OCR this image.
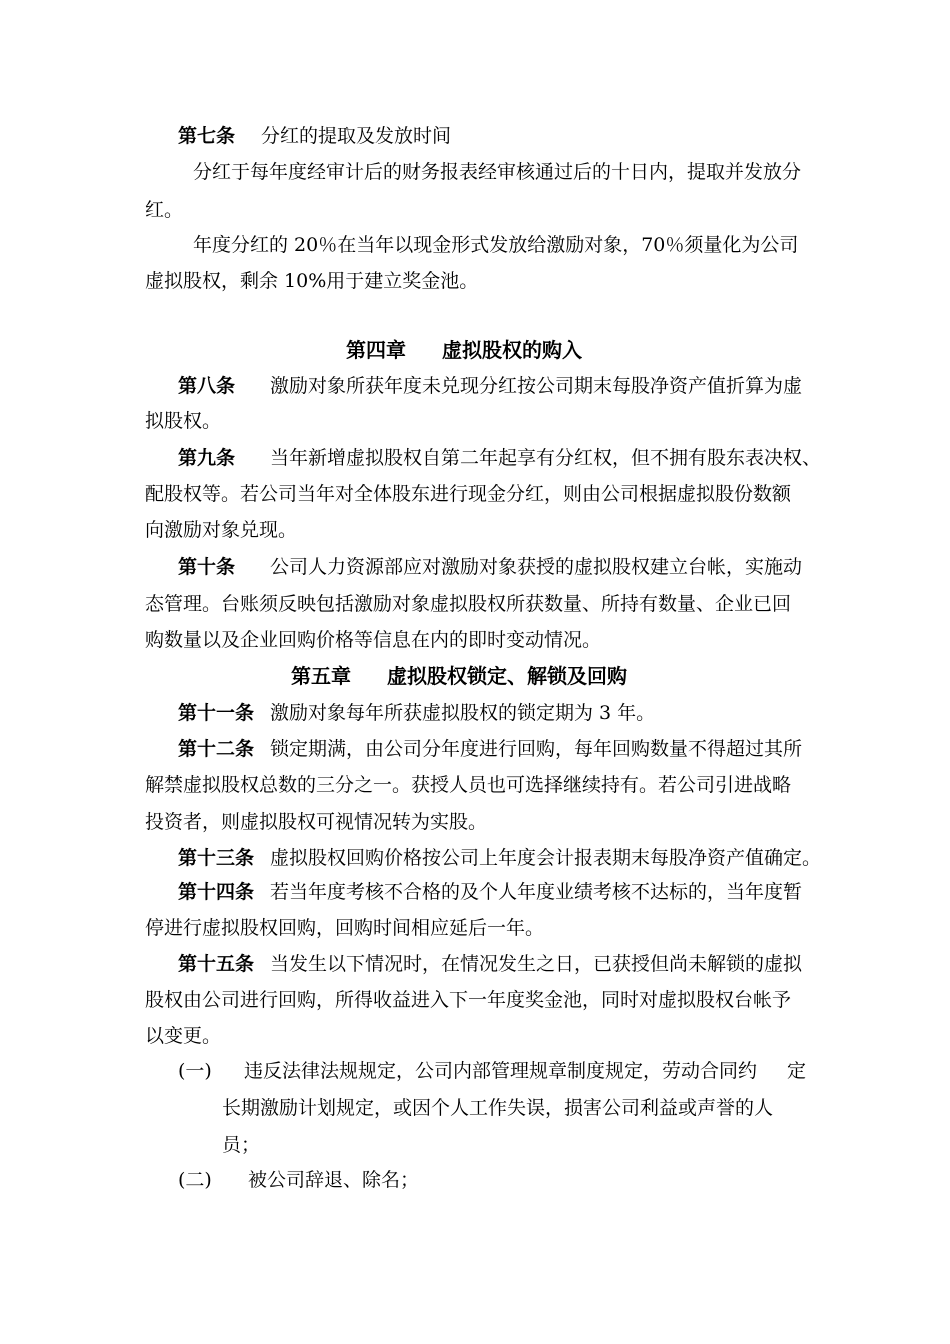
第七条 分红的提取及发放时间
分红于每年度经审计后的财务报表经审核通过后的十日内，提取并发放分
红。
年度分红的 20％在当年以现金形式发放给激励对象，70％须量化为公司
虚拟股权，剩余 10%用于建立奖金池。
第四章 虚拟股权的购入
第八条 激励对象所获年度未兑现分红按公司期末每股净资产值折算为虚
拟股权。
第九条 当年新增虚拟股权自第二年起享有分红权，但不拥有股东表决权、
配股权等。若公司当年对全体股东进行现金分红，则由公司根据虚拟股份数额
向激励对象兑现。
第十条 公司人力资源部应对激励对象获授的虚拟股权建立台帐，实施动
态管理。台账须反映包括激励对象虚拟股权所获数量、所持有数量、企业已回
购数量以及企业回购价格等信息在内的即时变动情况。
第五章 虚拟股权锁定、解锁及回购
第十一条 激励对象每年所获虚拟股权的锁定期为 3 年。
第十二条 锁定期满，由公司分年度进行回购，每年回购数量不得超过其所
解禁虚拟股权总数的三分之一。获授人员也可选择继续持有。若公司引进战略
投资者，则虚拟股权可视情况转为实股。
第十三条 虚拟股权回购价格按公司上年度会计报表期末每股净资产值确定。
第十四条 若当年度考核不合格的及个人年度业绩考核不达标的，当年度暂
停进行虚拟股权回购，回购时间相应延后一年。
第十五条 当发生以下情况时，在情况发生之日，已获授但尚未解锁的虚拟
股权由公司进行回购，所得收益进入下一年度奖金池，同时对虚拟股权台帐予
以变更。
(一) 违反法律法规规定，公司内部管理规章制度规定，劳动合同约 定
长期激励计划规定，或因个人工作失误，损害公司利益或声誉的人
员；
(二) 被公司辞退、除名；
